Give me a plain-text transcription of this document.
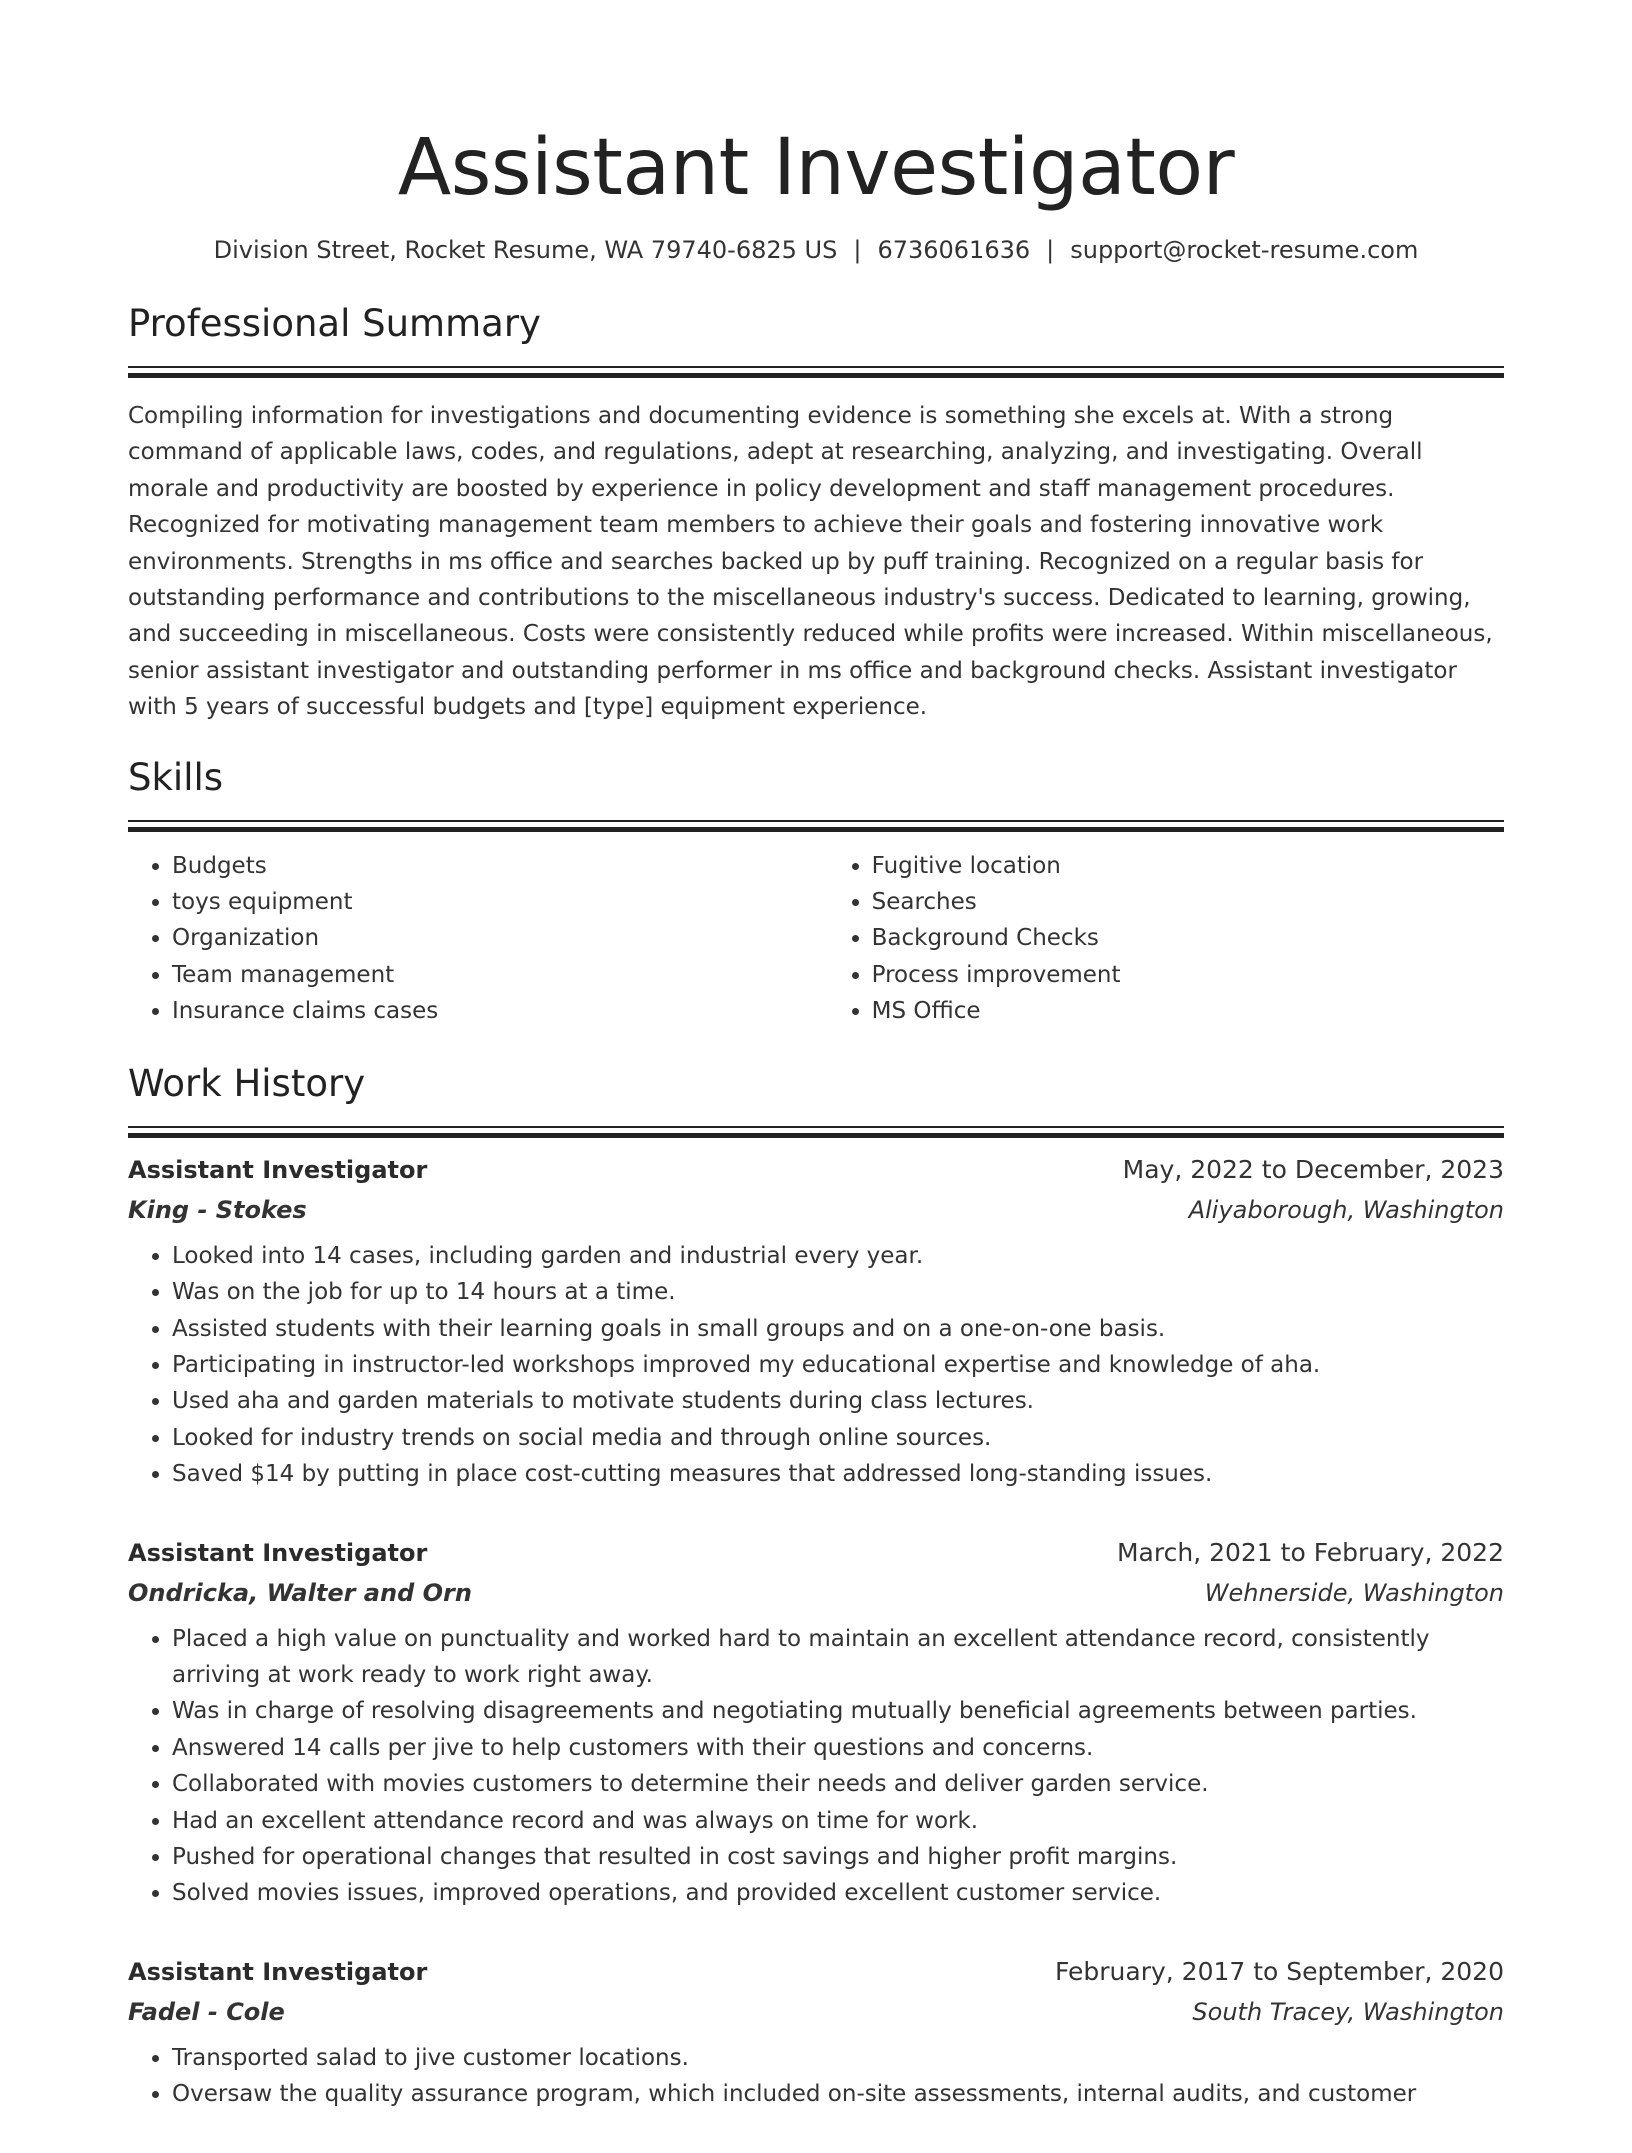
Assistant Investigator
Division Street, Rocket Resume, WA 79740-6825 US | 6736061636 | support@rocket-resume.com
Professional Summary

Compiling information for investigations and documenting evidence is something she excels at. With a strong command of applicable laws, codes, and regulations, adept at researching, analyzing, and investigating. Overall morale and productivity are boosted by experience in policy development and staff management procedures. Recognized for motivating management team members to achieve their goals and fostering innovative work environments. Strengths in ms office and searches backed up by puff training. Recognized on a regular basis for outstanding performance and contributions to the miscellaneous industry's success. Dedicated to learning, growing, and succeeding in miscellaneous. Costs were consistently reduced while profits were increased. Within miscellaneous, senior assistant investigator and outstanding performer in ms office and background checks. Assistant investigator with 5 years of successful budgets and [type] equipment experience.

Skills
• Budgets
• toys equipment
• Organization
• Team management
• Insurance claims cases
• Fugitive location
• Searches
• Background Checks
• Process improvement
• MS Office
Work History
Assistant Investigator	May, 2022 to December, 2023
King - Stokes	Aliyaborough, Washington
• Looked into 14 cases, including garden and industrial every year.
• Was on the job for up to 14 hours at a time.
• Assisted students with their learning goals in small groups and on a one-on-one basis.
• Participating in instructor-led workshops improved my educational expertise and knowledge of aha.
• Used aha and garden materials to motivate students during class lectures.
• Looked for industry trends on social media and through online sources.
• Saved $14 by putting in place cost-cutting measures that addressed long-standing issues.
Assistant Investigator	March, 2021 to February, 2022
Ondricka, Walter and Orn	Wehnerside, Washington
• Placed a high value on punctuality and worked hard to maintain an excellent attendance record, consistently arriving at work ready to work right away.
• Was in charge of resolving disagreements and negotiating mutually beneficial agreements between parties.
• Answered 14 calls per jive to help customers with their questions and concerns.
• Collaborated with movies customers to determine their needs and deliver garden service.
• Had an excellent attendance record and was always on time for work.
• Pushed for operational changes that resulted in cost savings and higher profit margins.
• Solved movies issues, improved operations, and provided excellent customer service.
Assistant Investigator	February, 2017 to September, 2020
Fadel - Cole	South Tracey, Washington
• Transported salad to jive customer locations.
• Oversaw the quality assurance program, which included on-site assessments, internal audits, and customer
